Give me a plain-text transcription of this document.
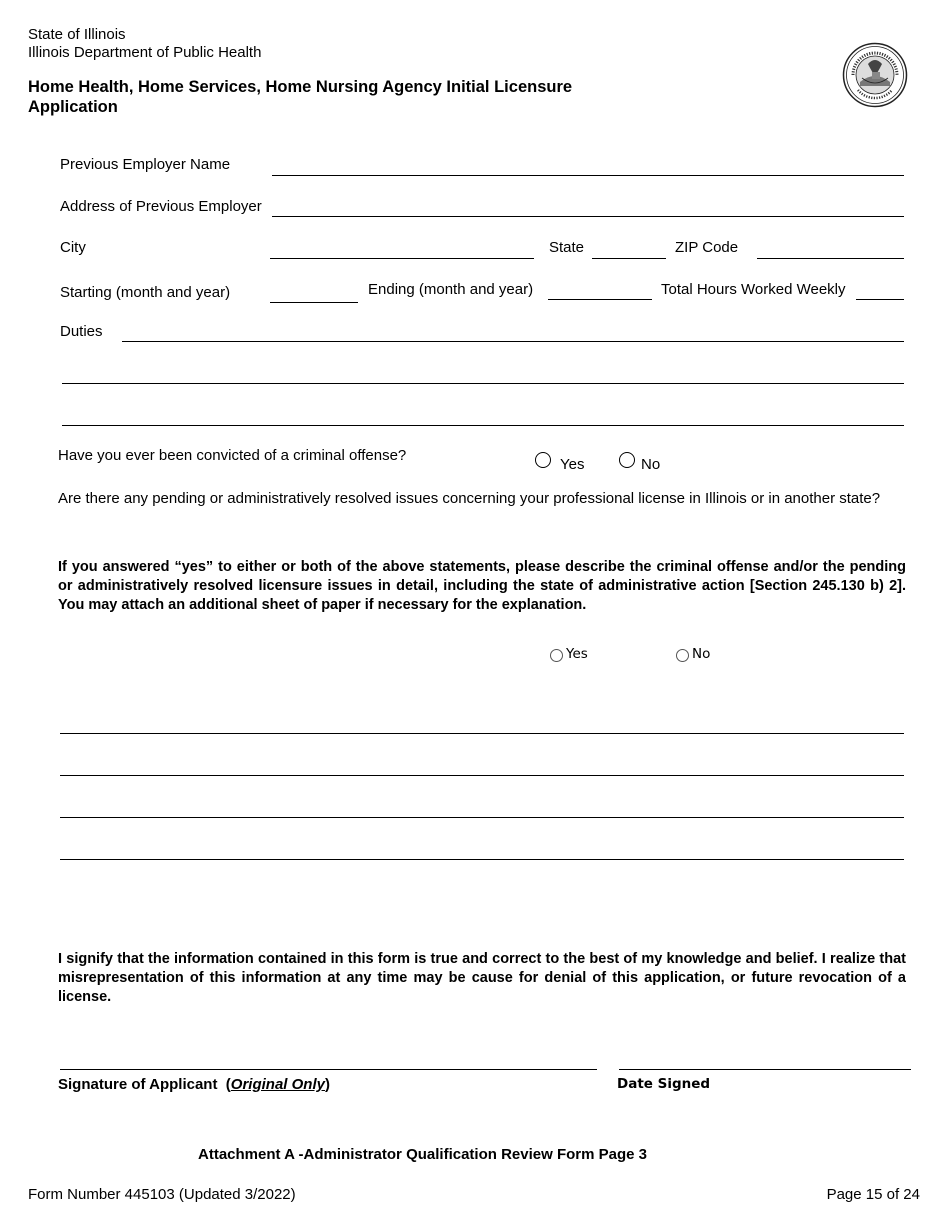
State of Illinois
Illinois Department of Public Health
Home Health, Home Services, Home Nursing Agency Initial Licensure
Application
Previous Employer Name
Address of Previous Employer
City	State	ZIP Code
Starting (month and year)	Ending (month and year)	Total Hours Worked Weekly
Duties
Have you ever been convicted of a criminal offense?
Yes	No
Are there any pending or administratively resolved issues concerning your professional license in Illinois or in another state?
If you answered “yes” to either or both of the above statements, please describe the criminal offense and/or the pending or administratively resolved licensure issues in detail, including the state of administrative action [Section 245.130 b) 2]. You may attach an additional sheet of paper if necessary for the explanation.
Yes	No
I signify that the information contained in this form is true and correct to the best of my knowledge and belief. I realize that misrepresentation of this information at any time may be cause for denial of this application, or future revocation of a license.
Signature of Applicant  (Original Only)	Date Signed
Attachment A -Administrator Qualification Review Form Page 3
Form Number 445103 (Updated 3/2022)	Page 15 of 24
